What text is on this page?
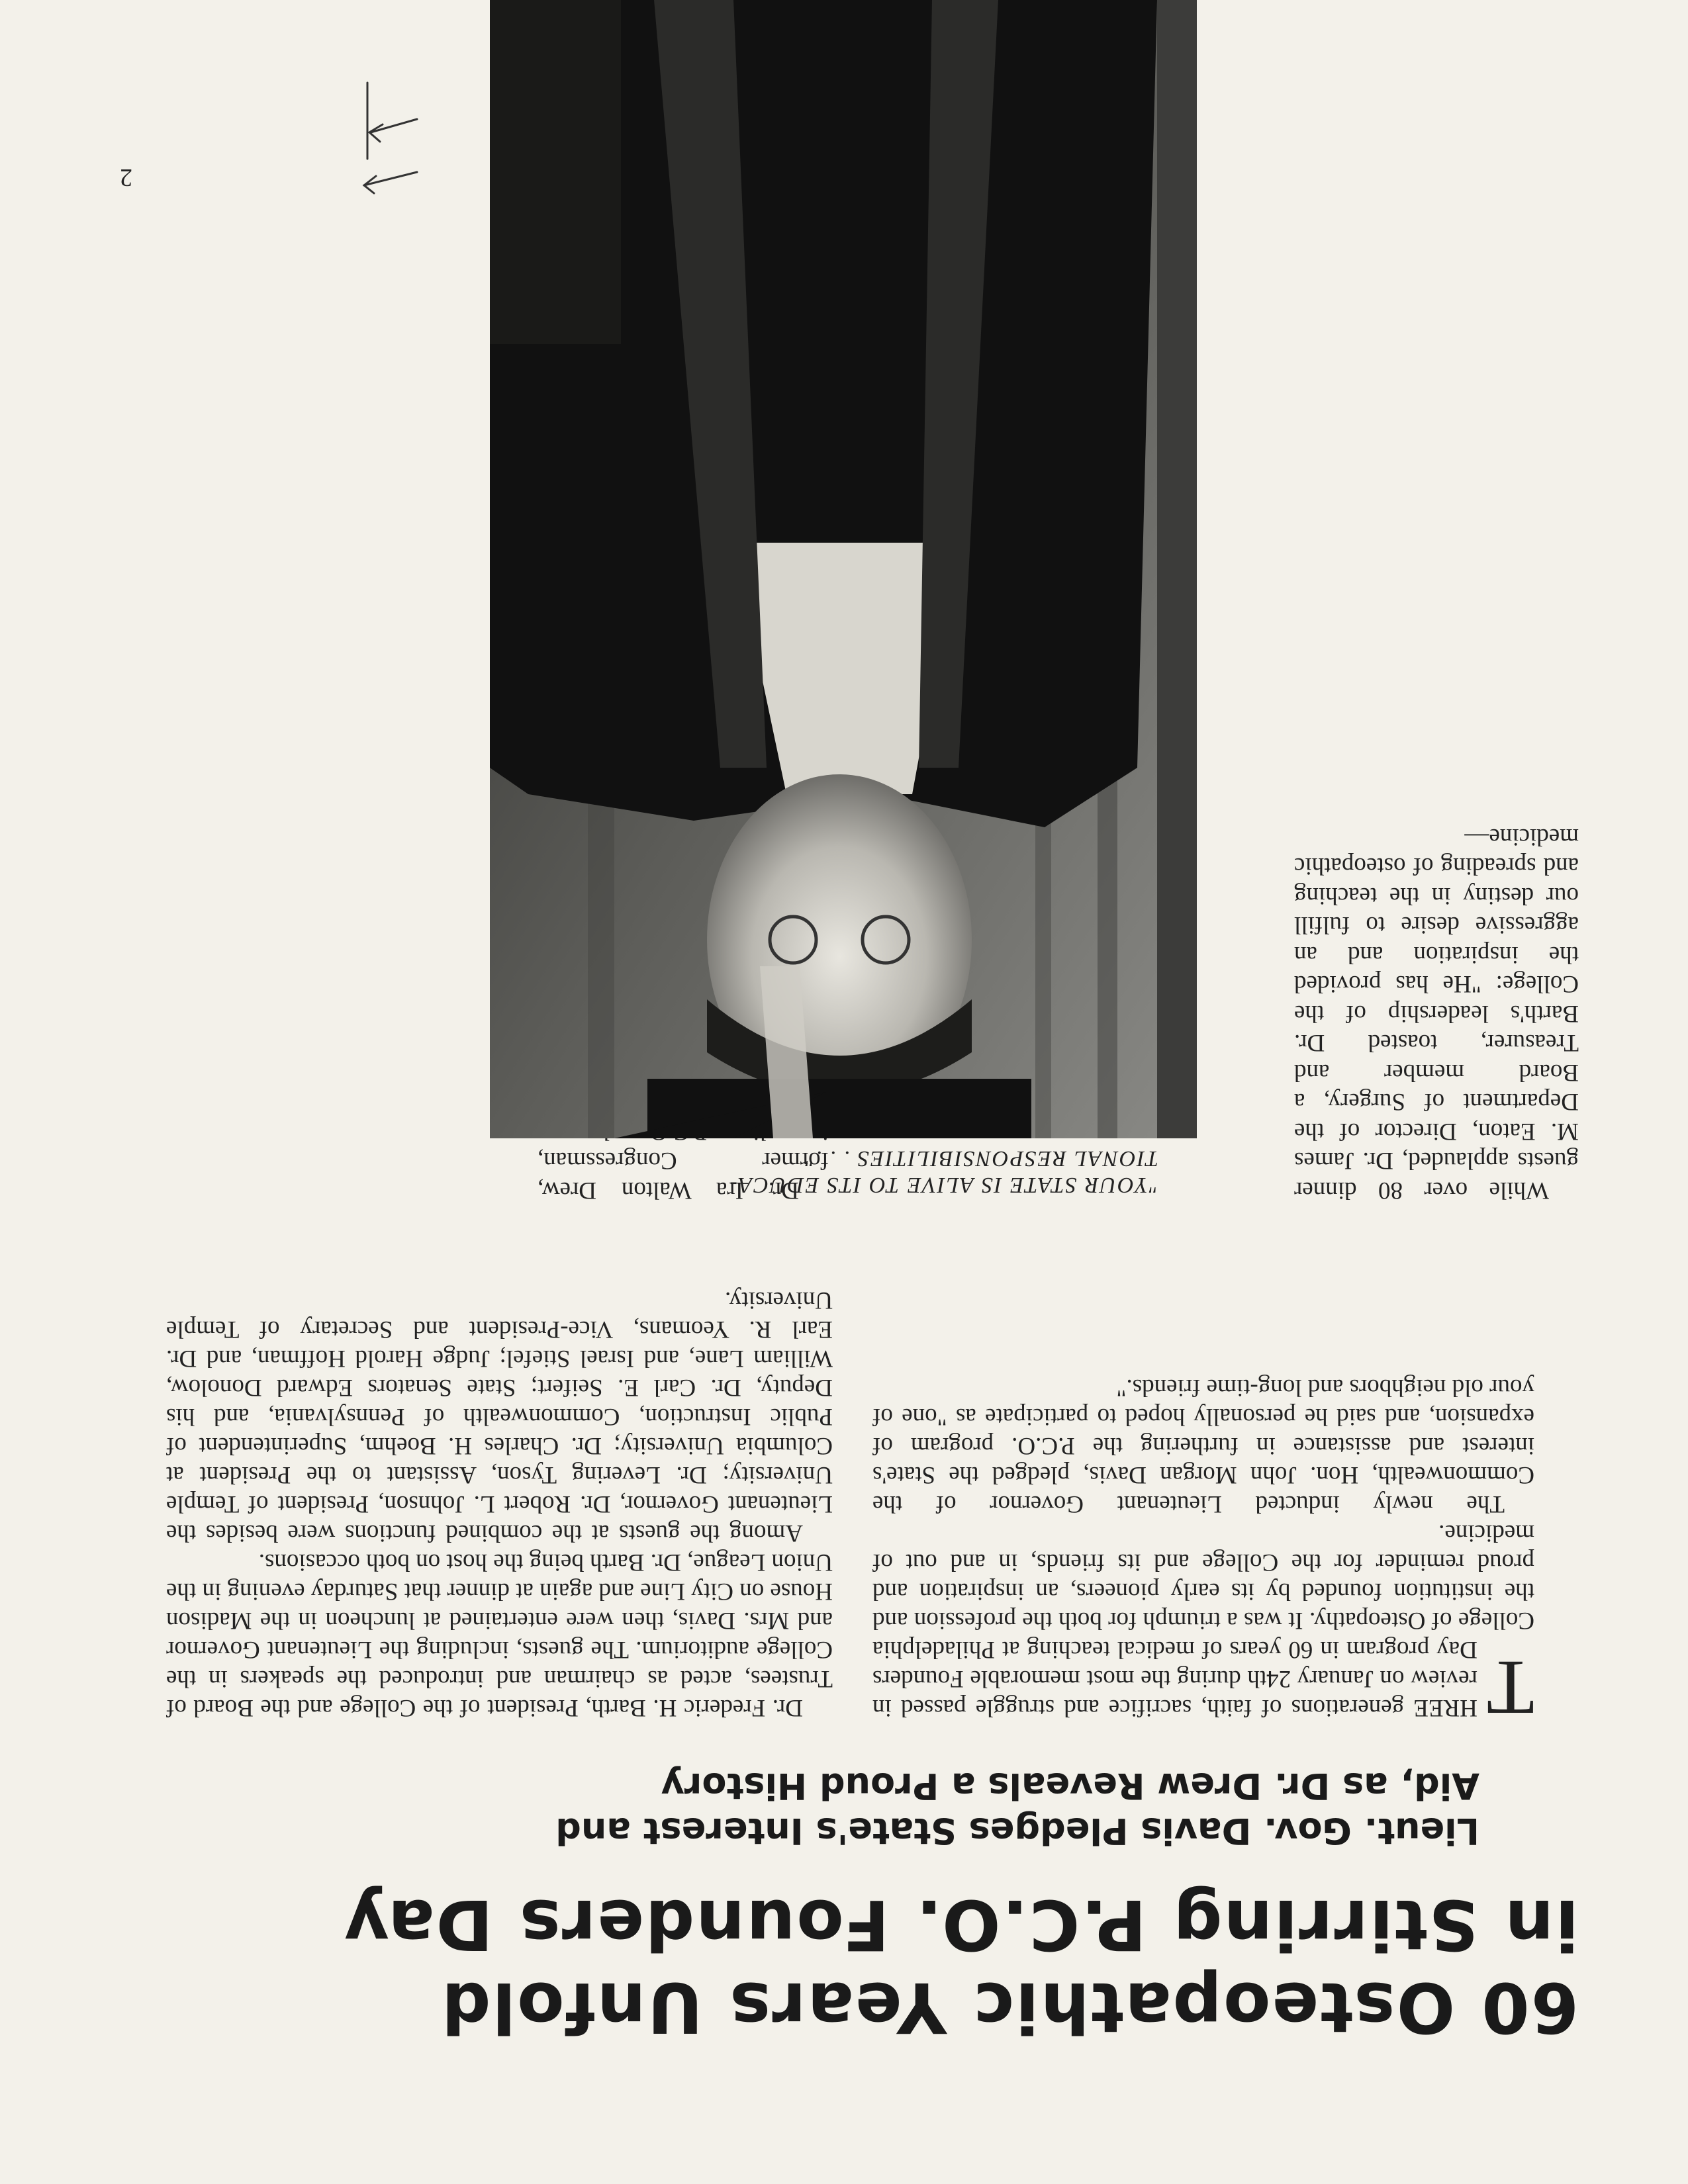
60 Osteopathic Years Unfold
in Stirring P.C.O. Founders Day
Lieut. Gov. Davis Pledges State's Interest and
Aid, as Dr. Drew Reveals a Proud History

T
HREE generations of faith, sacrifice and struggle passed in review on January 24th during the most memorable Founders Day program in 60 years of medical teaching at Philadelphia College of Osteopathy. It was a triumph for both the profession and the institution founded by its early pioneers, an inspiration and proud reminder for the College and its friends, in and out of medicine.

The newly inducted Lieutenant Governor of the Commonwealth, Hon. John Morgan Davis, pledged the State's interest and assistance in furthering the P.C.O. program of expansion, and said he personally hoped to participate as "one of your old neighbors and long-time friends."

Dr. Frederic H. Barth, President of the College and the Board of Trustees, acted as chairman and introduced the speakers in the College auditorium. The guests, including the Lieutenant Governor and Mrs. Davis, then were entertained at luncheon in the Madison House on City Line and again at dinner that Saturday evening in the Union League, Dr. Barth being the host on both occasions.

Among the guests at the combined functions were besides the Lieutenant Governor, Dr. Robert L. Johnson, President of Temple University; Dr. Levering Tyson, Assistant to the President at Columbia University; Dr. Charles H. Boehm, Superintendent of Public Instruction, Commonwealth of Pennsylvania, and his Deputy, Dr. Carl E. Seifert; State Senators Edward Donolow, William Lane, and Israel Stiefel; Judge Harold Hoffman, and Dr. Earl R. Yeomans, Vice-President and Secretary of Temple University.

"YOUR STATE IS ALIVE TO ITS EDUCA-
TIONAL RESPONSIBILITIES . . ."

Dr. Ira Walton Drew, former Congressman,

While over 80 dinner guests applauded, Dr. James M. Eaton, Director of the Department of Surgery, a Board member and Treasurer, toasted Dr. Barth's leadership of the College: "He has provided the inspiration and an aggressive desire to fulfill our destiny in the teaching and spreading of osteopathic medicine—

2
